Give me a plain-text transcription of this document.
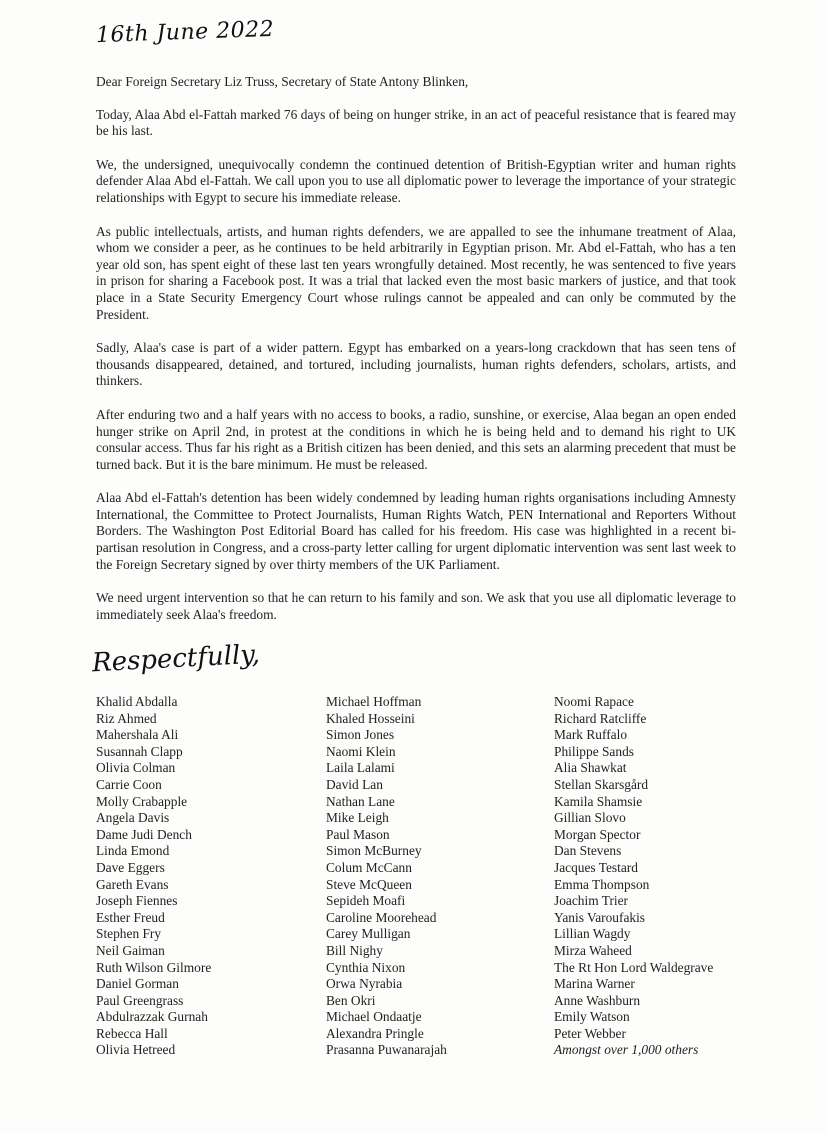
16th June 2022

Dear Foreign Secretary Liz Truss, Secretary of State Antony Blinken,

Today, Alaa Abd el-Fattah marked 76 days of being on hunger strike, in an act of peaceful resistance that is feared may be his last.

We, the undersigned, unequivocally condemn the continued detention of British-Egyptian writer and human rights defender Alaa Abd el-Fattah. We call upon you to use all diplomatic power to leverage the importance of your strategic relationships with Egypt to secure his immediate release.

As public intellectuals, artists, and human rights defenders, we are appalled to see the inhumane treatment of Alaa, whom we consider a peer, as he continues to be held arbitrarily in Egyptian prison. Mr. Abd el-Fattah, who has a ten year old son, has spent eight of these last ten years wrongfully detained. Most recently, he was sentenced to five years in prison for sharing a Facebook post. It was a trial that lacked even the most basic markers of justice, and that took place in a State Security Emergency Court whose rulings cannot be appealed and can only be commuted by the President.

Sadly, Alaa's case is part of a wider pattern. Egypt has embarked on a years-long crackdown that has seen tens of thousands disappeared, detained, and tortured, including journalists, human rights defenders, scholars, artists, and thinkers.

After enduring two and a half years with no access to books, a radio, sunshine, or exercise, Alaa began an open ended hunger strike on April 2nd, in protest at the conditions in which he is being held and to demand his right to UK consular access. Thus far his right as a British citizen has been denied, and this sets an alarming precedent that must be turned back. But it is the bare minimum. He must be released.

Alaa Abd el-Fattah's detention has been widely condemned by leading human rights organisations including Amnesty International, the Committee to Protect Journalists, Human Rights Watch, PEN International and Reporters Without Borders. The Washington Post Editorial Board has called for his freedom. His case was highlighted in a recent bi-partisan resolution in Congress, and a cross-party letter calling for urgent diplomatic intervention was sent last week to the Foreign Secretary signed by over thirty members of the UK Parliament.

We need urgent intervention so that he can return to his family and son. We ask that you use all diplomatic leverage to immediately seek Alaa's freedom.

Respectfully,
Khalid Abdalla
Riz Ahmed
Mahershala Ali
Susannah Clapp
Olivia Colman
Carrie Coon
Molly Crabapple
Angela Davis
Dame Judi Dench
Linda Emond
Dave Eggers
Gareth Evans
Joseph Fiennes
Esther Freud
Stephen Fry
Neil Gaiman
Ruth Wilson Gilmore
Daniel Gorman
Paul Greengrass
Abdulrazzak Gurnah
Rebecca Hall
Olivia Hetreed
Michael Hoffman
Khaled Hosseini
Simon Jones
Naomi Klein
Laila Lalami
David Lan
Nathan Lane
Mike Leigh
Paul Mason
Simon McBurney
Colum McCann
Steve McQueen
Sepideh Moafi
Caroline Moorehead
Carey Mulligan
Bill Nighy
Cynthia Nixon
Orwa Nyrabia
Ben Okri
Michael Ondaatje
Alexandra Pringle
Prasanna Puwanarajah
Noomi Rapace
Richard Ratcliffe
Mark Ruffalo
Philippe Sands
Alia Shawkat
Stellan Skarsgård
Kamila Shamsie
Gillian Slovo
Morgan Spector
Dan Stevens
Jacques Testard
Emma Thompson
Joachim Trier
Yanis Varoufakis
Lillian Wagdy
Mirza Waheed
The Rt Hon Lord Waldegrave
Marina Warner
Anne Washburn
Emily Watson
Peter Webber
Amongst over 1,000 others
